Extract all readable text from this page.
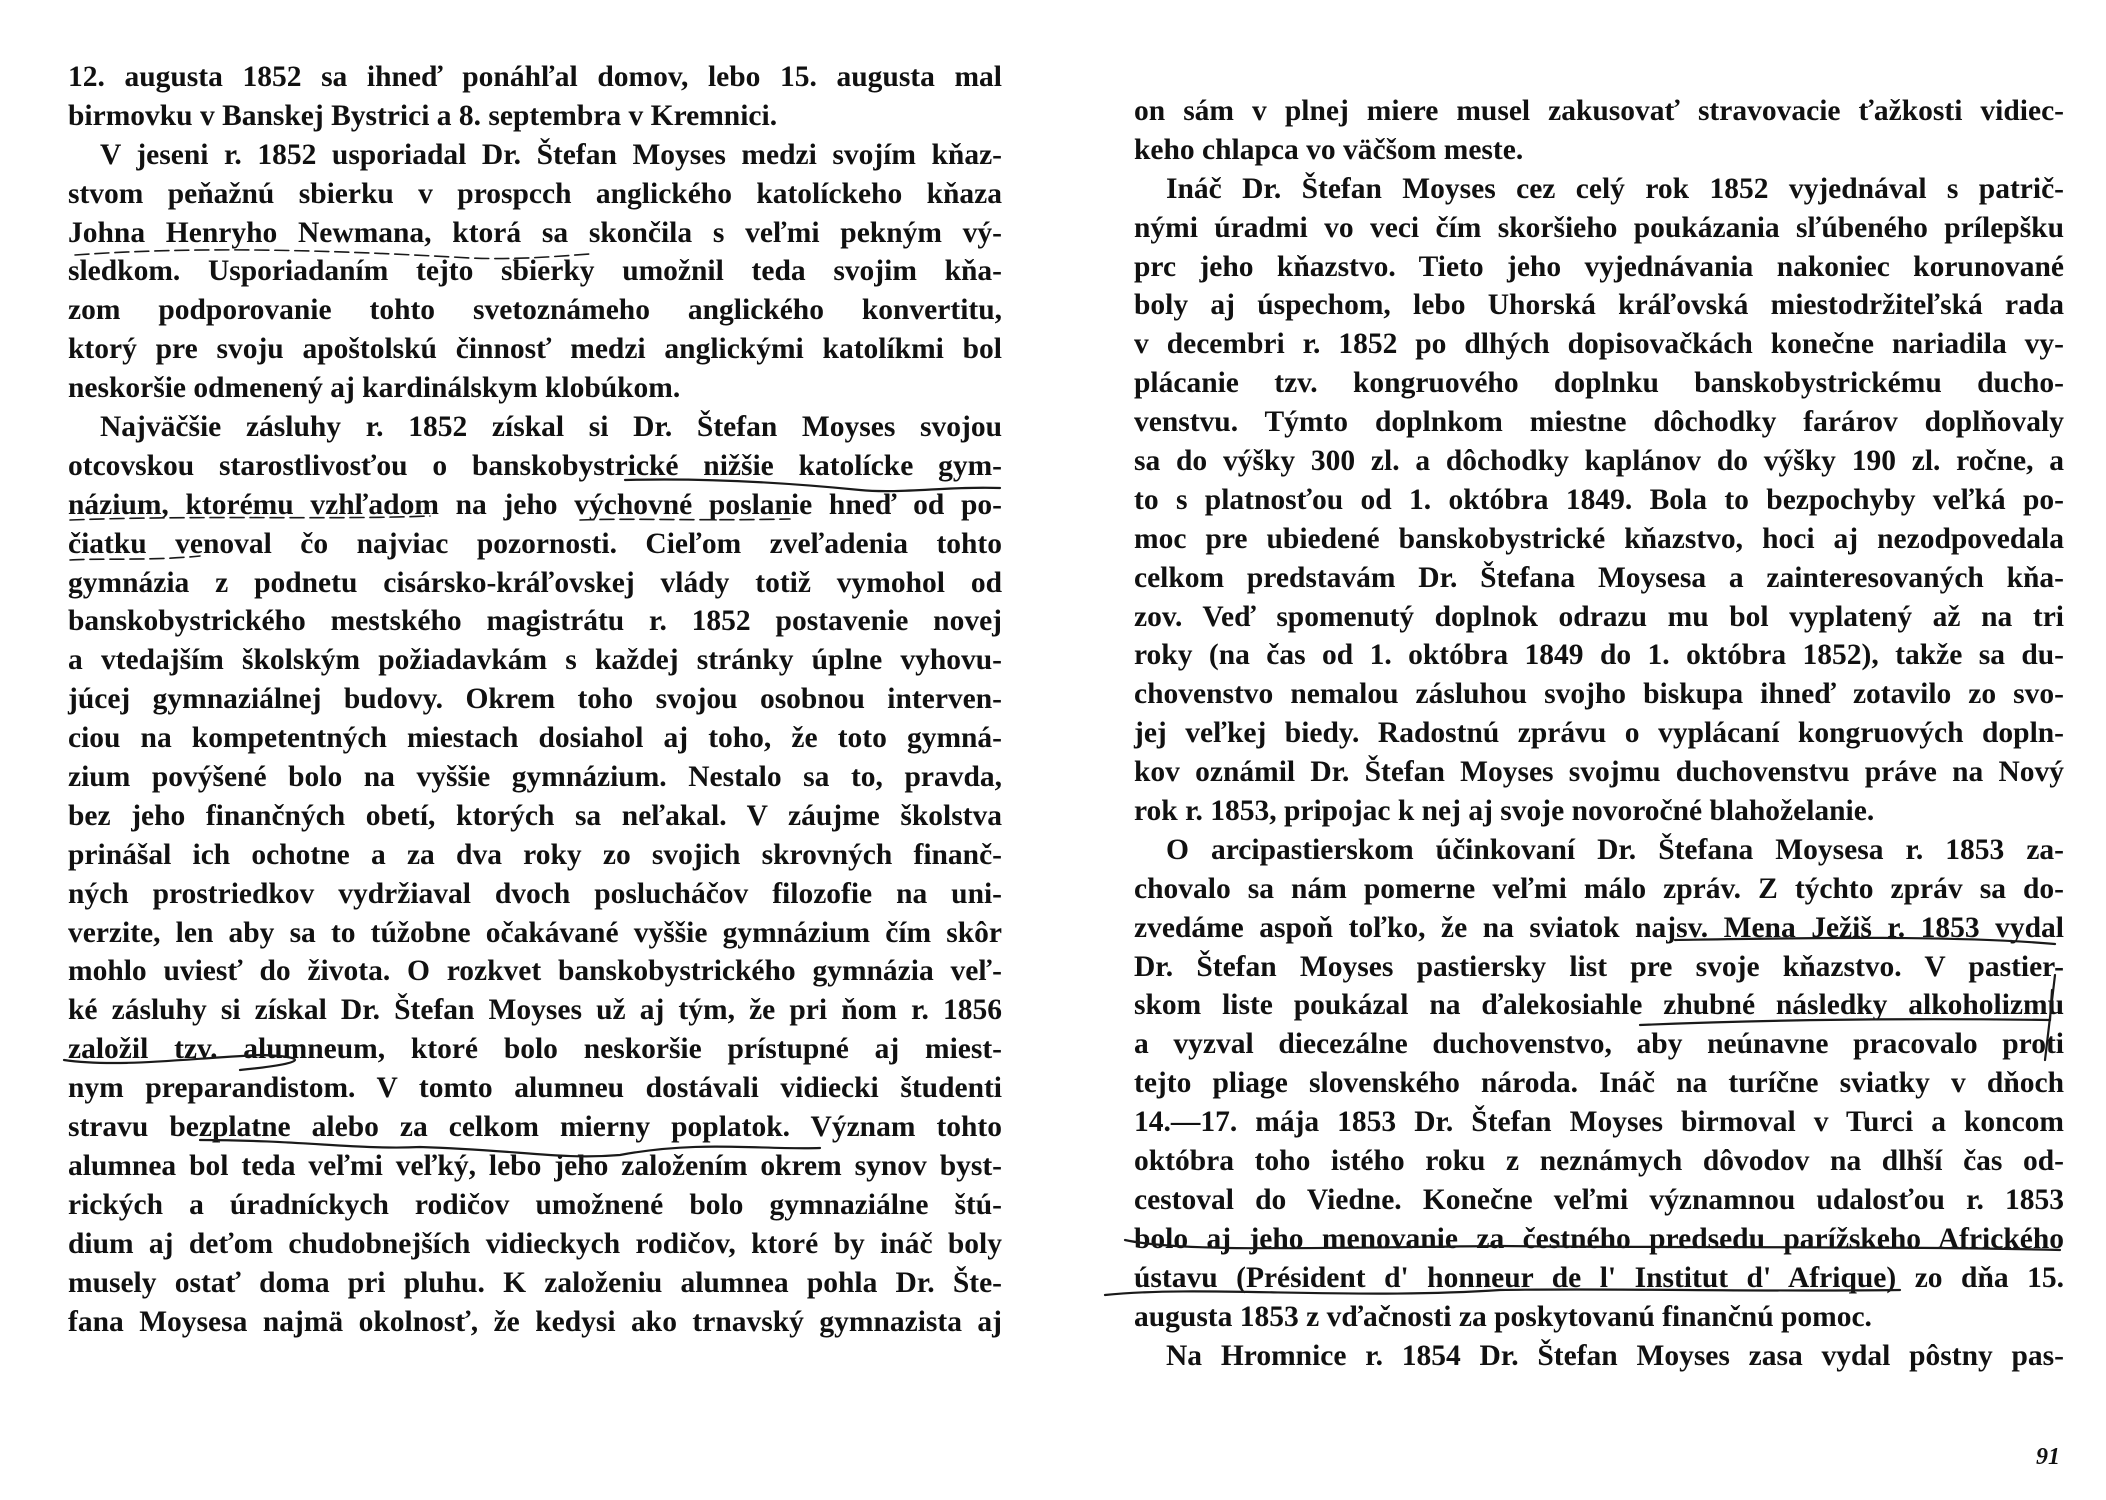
12. augusta 1852 sa ihneď ponáhľal domov, lebo 15. augusta mal
birmovku v Banskej Bystrici a 8. septembra v Kremnici.
V jeseni r. 1852 usporiadal Dr. Štefan Moyses medzi svojím kňaz-
stvom peňažnú sbierku v prospcch anglického katolíckeho kňaza
Johna Henryho Newmana, ktorá sa skončila s veľmi pekným vý-
sledkom. Usporiadaním tejto sbierky umožnil teda svojim kňa-
zom podporovanie tohto svetoznámeho anglického konvertitu,
ktorý pre svoju apoštolskú činnosť medzi anglickými katolíkmi bol
neskoršie odmenený aj kardinálskym klobúkom.
Najväčšie zásluhy r. 1852 získal si Dr. Štefan Moyses svojou
otcovskou starostlivosťou o banskobystrické nižšie katolícke gym-
názium, ktorému vzhľadom na jeho výchovné poslanie hneď od po-
čiatku venoval čo najviac pozornosti. Cieľom zveľadenia tohto
gymnázia z podnetu cisársko-kráľovskej vlády totiž vymohol od
banskobystrického mestského magistrátu r. 1852 postavenie novej
a vtedajším školským požiadavkám s každej stránky úplne vyhovu-
júcej gymnaziálnej budovy. Okrem toho svojou osobnou interven-
ciou na kompetentných miestach dosiahol aj toho, že toto gymná-
zium povýšené bolo na vyššie gymnázium. Nestalo sa to, pravda,
bez jeho finančných obetí, ktorých sa neľakal. V záujme školstva
prinášal ich ochotne a za dva roky zo svojich skrovných finanč-
ných prostriedkov vydržiaval dvoch poslucháčov filozofie na uni-
verzite, len aby sa to túžobne očakávané vyššie gymnázium čím skôr
mohlo uviesť do života. O rozkvet banskobystrického gymnázia veľ-
ké zásluhy si získal Dr. Štefan Moyses už aj tým, že pri ňom r. 1856
založil tzv. alumneum, ktoré bolo neskoršie prístupné aj miest-
nym preparandistom. V tomto alumneu dostávali vidiecki študenti
stravu bezplatne alebo za celkom mierny poplatok. Význam tohto
alumnea bol teda veľmi veľký, lebo jeho založením okrem synov byst-
rických a úradníckych rodičov umožnené bolo gymnaziálne štú-
dium aj deťom chudobnejších vidieckych rodičov, ktoré by ináč boly
musely ostať doma pri pluhu. K založeniu alumnea pohla Dr. Šte-
fana Moysesa najmä okolnosť, že kedysi ako trnavský gymnazista aj
on sám v plnej miere musel zakusovať stravovacie ťažkosti vidiec-
keho chlapca vo väčšom meste.
Ináč Dr. Štefan Moyses cez celý rok 1852 vyjednával s patrič-
nými úradmi vo veci čím skoršieho poukázania sľúbeného prílepšku
prc jeho kňazstvo. Tieto jeho vyjednávania nakoniec korunované
boly aj úspechom, lebo Uhorská kráľovská miestodržiteľská rada
v decembri r. 1852 po dlhých dopisovačkách konečne nariadila vy-
plácanie tzv. kongruového doplnku banskobystrickému ducho-
venstvu. Týmto doplnkom miestne dôchodky farárov doplňovaly
sa do výšky 300 zl. a dôchodky kaplánov do výšky 190 zl. ročne, a
to s platnosťou od 1. októbra 1849. Bola to bezpochyby veľká po-
moc pre ubiedené banskobystrické kňazstvo, hoci aj nezodpovedala
celkom predstavám Dr. Štefana Moysesa a zainteresovaných kňa-
zov. Veď spomenutý doplnok odrazu mu bol vyplatený až na tri
roky (na čas od 1. októbra 1849 do 1. októbra 1852), takže sa du-
chovenstvo nemalou zásluhou svojho biskupa ihneď zotavilo zo svo-
jej veľkej biedy. Radostnú zprávu o vyplácaní kongruových dopln-
kov oznámil Dr. Štefan Moyses svojmu duchovenstvu práve na Nový
rok r. 1853, pripojac k nej aj svoje novoročné blahoželanie.
O arcipastierskom účinkovaní Dr. Štefana Moysesa r. 1853 za-
chovalo sa nám pomerne veľmi málo zpráv. Z týchto zpráv sa do-
zvedáme aspoň toľko, že na sviatok najsv. Mena Ježiš r. 1853 vydal
Dr. Štefan Moyses pastiersky list pre svoje kňazstvo. V pastier-
skom liste poukázal na ďalekosiahle zhubné následky alkoholizmu
a vyzval diecezálne duchovenstvo, aby neúnavne pracovalo proti
tejto pliage slovenského národa. Ináč na turíčne sviatky v dňoch
14.—17. mája 1853 Dr. Štefan Moyses birmoval v Turci a koncom
októbra toho istého roku z neznámych dôvodov na dlhší čas od-
cestoval do Viedne. Konečne veľmi významnou udalosťou r. 1853
bolo aj jeho menovanie za čestného predsedu parížskeho Afrického
ústavu (Président d' honneur de l' Institut d' Afrique) zo dňa 15.
augusta 1853 z vďačnosti za poskytovanú finančnú pomoc.
Na Hromnice r. 1854 Dr. Štefan Moyses zasa vydal pôstny pas-
91
